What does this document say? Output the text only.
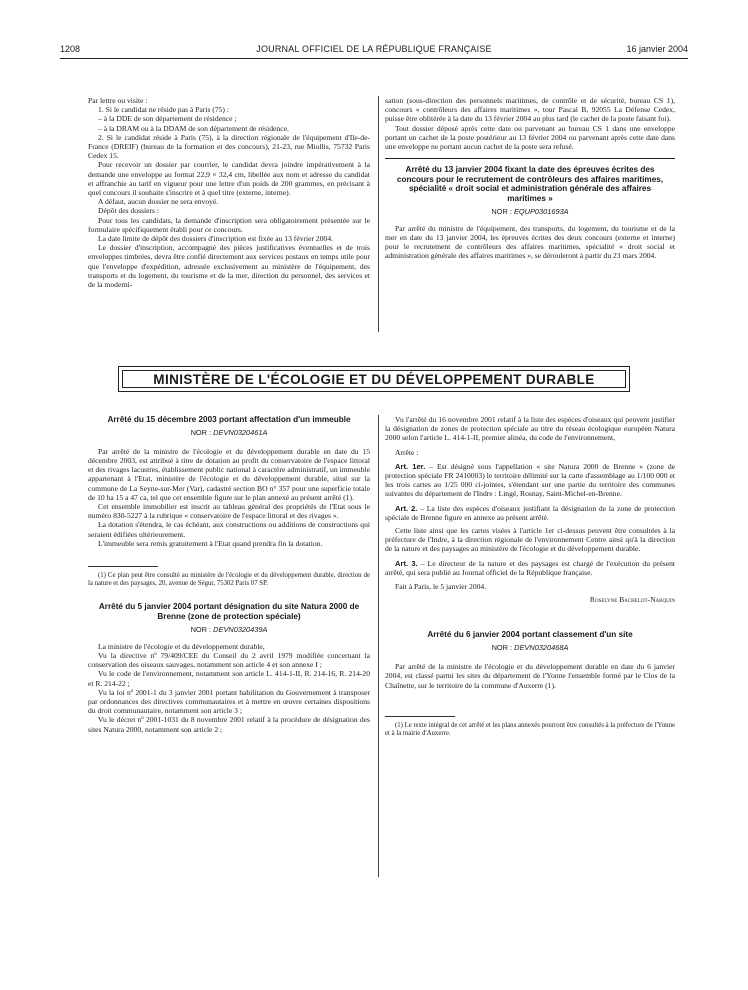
1208	JOURNAL OFFICIEL DE LA RÉPUBLIQUE FRANÇAISE	16 janvier 2004

Par lettre ou visite :

1. Si le candidat ne réside pas à Paris (75) :

– à la DDE de son département de résidence ;

– à la DRAM ou à la DDAM de son département de résidence.

2. Si le candidat réside à Paris (75), à la direction régionale de l'équipement d'Ile-de-France (DREIF) (bureau de la formation et des concours), 21-23, rue Miollis, 75732 Paris Cedex 15.

Pour recevoir un dossier par courrier, le candidat devra joindre impérativement à la demande une enveloppe au format 22,9 × 32,4 cm, libellée aux nom et adresse du candidat et affranchie au tarif en vigueur pour une lettre d'un poids de 200 grammes, en précisant à quel concours il souhaite s'inscrire et à quel titre (externe, interne).

A défaut, aucun dossier ne sera envoyé.

Dépôt des dossiers :

Pour tous les candidats, la demande d'inscription sera obligatoirement présentée sur le formulaire spécifiquement établi pour ce concours.

La date limite de dépôt des dossiers d'inscription est fixée au 13 février 2004.

Le dossier d'inscription, accompagné des pièces justificatives éventuelles et de trois enveloppes timbrées, devra être confié directement aux services postaux en temps utile pour que l'enveloppe d'expédition, adressée exclusivement au ministère de l'équipement, des transports et du logement, du tourisme et de la mer, direction du personnel, des services et de la moderni-

sation (sous-direction des personnels maritimes, de contrôle et de sécurité, bureau CS 1), concours « contrôleurs des affaires maritimes », tour Pascal B, 92055 La Défense Cedex, puisse être oblitérée à la date du 13 février 2004 au plus tard (le cachet de la poste faisant foi).

Tout dossier déposé après cette date ou parvenant au bureau CS 1 dans une enveloppe portant un cachet de la poste postérieur au 13 février 2004 ou parvenant après cette date dans une enveloppe ne portant aucun cachet de la poste sera refusé.

Arrêté du 13 janvier 2004 fixant la date des épreuves écrites des concours pour le recrutement de contrôleurs des affaires maritimes, spécialité « droit social et administration générale des affaires maritimes »
NOR : EQUP0301693A

Par arrêté du ministre de l'équipement, des transports, du logement, du tourisme et de la mer en date du 13 janvier 2004, les épreuves écrites des deux concours (externe et interne) pour le recrutement de contrôleurs des affaires maritimes, spécialité « droit social et administration générale des affaires maritimes », se dérouleront à partir du 23 mars 2004.

MINISTÈRE DE L'ÉCOLOGIE ET DU DÉVELOPPEMENT DURABLE
Arrêté du 15 décembre 2003 portant affectation d'un immeuble
NOR : DEVN0320461A

Par arrêté de la ministre de l'écologie et du développement durable en date du 15 décembre 2003, est attribué à titre de dotation au profit du conservatoire de l'espace littoral et des rivages lacustres, établissement public national à caractère administratif, un immeuble appartenant à l'Etat, ministère de l'écologie et du développement durable, situé sur la commune de La Seyne-sur-Mer (Var), cadastré section BO n° 357 pour une superficie totale de 10 ha 15 a 47 ca, tel que cet ensemble figure sur le plan annexé au présent arrêté (1).

Cet ensemble immobilier est inscrit au tableau général des propriétés de l'Etat sous le numéro 830-5227 à la rubrique « conservatoire de l'espace littoral et des rivages ».

La dotation s'étendra, le cas échéant, aux constructions ou additions de constructions qui seraient édifiées ultérieurement.

L'immeuble sera remis gratuitement à l'Etat quand prendra fin la dotation.

(1) Ce plan peut être consulté au ministère de l'écologie et du développement durable, direction de la nature et des paysages, 20, avenue de Ségur, 75302 Paris 07 SP.

Arrêté du 5 janvier 2004 portant désignation du site Natura 2000 de Brenne (zone de protection spéciale)
NOR : DEVN0320439A

La ministre de l'écologie et du développement durable,

Vu la directive nº 79/409/CEE du Conseil du 2 avril 1979 modifiée concernant la conservation des oiseaux sauvages, notamment son article 4 et son annexe I ;

Vu le code de l'environnement, notamment son article L. 414-1-II, R. 214-16, R. 214-20 et R. 214-22 ;

Vu la loi nº 2001-1 du 3 janvier 2001 portant habilitation du Gouvernement à transposer par ordonnances des directives communautaires et à mettre en œuvre certaines dispositions du droit communautaire, notamment son article 3 ;

Vu le décret nº 2001-1031 du 8 novembre 2001 relatif à la procédure de désignation des sites Natura 2000, notamment son article 2 ;

Vu l'arrêté du 16 novembre 2001 relatif à la liste des espèces d'oiseaux qui peuvent justifier la désignation de zones de protection spéciale au titre du réseau écologique européen Natura 2000 selon l'article L. 414-1-II, premier alinéa, du code de l'environnement,

Arrête :

Art. 1er. – Est désigné sous l'appellation « site Natura 2000 de Brenne » (zone de protection spéciale FR 2410003) le territoire délimité sur la carte d'assemblage au 1/100 000 et les trois cartes au 1/25 000 ci-jointes, s'étendant sur une partie du territoire des communes suivantes du département de l'Indre : Lingé, Rosnay, Saint-Michel-en-Brenne.

Art. 2. – La liste des espèces d'oiseaux justifiant la désignation de la zone de protection spéciale de Brenne figure en annexe au présent arrêté.

Cette liste ainsi que les cartes visées à l'article 1er ci-dessus peuvent être consultées à la préfecture de l'Indre, à la direction régionale de l'environnement Centre ainsi qu'à la direction de la nature et des paysages au ministère de l'écologie et du développement durable.

Art. 3. – Le directeur de la nature et des paysages est chargé de l'exécution du présent arrêté, qui sera publié au Journal officiel de la République française.

Fait à Paris, le 5 janvier 2004.

Roselyne Bachelot-Narquin
Arrêté du 6 janvier 2004 portant classement d'un site
NOR : DEVN0320468A

Par arrêté de la ministre de l'écologie et du développement durable en date du 6 janvier 2004, est classé parmi les sites du département de l'Yonne l'ensemble formé par le Clos de la Chaînette, sur le territoire de la commune d'Auxerre (1).

(1) Le texte intégral de cet arrêté et les plans annexés pourront être consultés à la préfecture de l'Yonne et à la mairie d'Auxerre.
